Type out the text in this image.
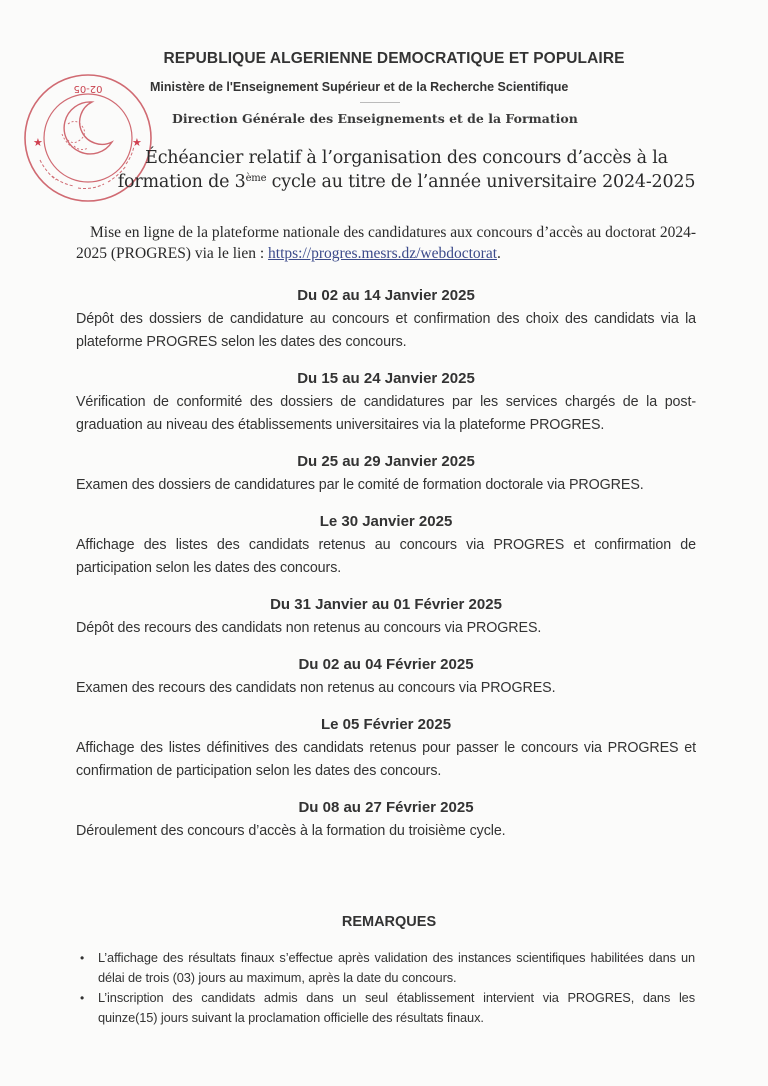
02-05
★	★
REPUBLIQUE ALGERIENNE DEMOCRATIQUE ET POPULAIRE
Ministère de l'Enseignement Supérieur et de la Recherche Scientifique
Direction Générale des Enseignements et de la Formation
Échéancier relatif à l’organisation des concours d’accès à la
formation de 3ème cycle au titre de l’année universitaire 2024-2025
Mise en ligne de la plateforme nationale des candidatures aux concours d’accès au doctorat 2024-2025 (PROGRES) via le lien : https://progres.mesrs.dz/webdoctorat.
Du 02 au 14 Janvier 2025
Dépôt des dossiers de candidature au concours et confirmation des choix des candidats via la plateforme PROGRES selon les dates des concours.
Du 15 au 24 Janvier 2025
Vérification de conformité des dossiers de candidatures par les services chargés de la post-graduation au niveau des établissements universitaires via la plateforme PROGRES.
Du 25 au 29 Janvier 2025
Examen des dossiers de candidatures par le comité de formation doctorale via PROGRES.
Le 30 Janvier 2025
Affichage des listes des candidats retenus au concours via PROGRES et confirmation de participation selon les dates des concours.
Du 31 Janvier au 01 Février 2025
Dépôt des recours des candidats non retenus au concours via PROGRES.
Du 02 au 04 Février 2025
Examen des recours des candidats non retenus au concours via PROGRES.
Le 05 Février 2025
Affichage des listes définitives des candidats retenus pour passer le concours via PROGRES et confirmation de participation selon les dates des concours.
Du 08 au 27 Février 2025
Déroulement des concours d’accès à la formation du troisième cycle.
REMARQUES
• L’affichage des résultats finaux s’effectue après validation des instances scientifiques habilitées dans un délai de trois (03) jours au maximum, après la date du concours.
• L’inscription des candidats admis dans un seul établissement intervient via PROGRES, dans les quinze(15) jours suivant la proclamation officielle des résultats finaux.
